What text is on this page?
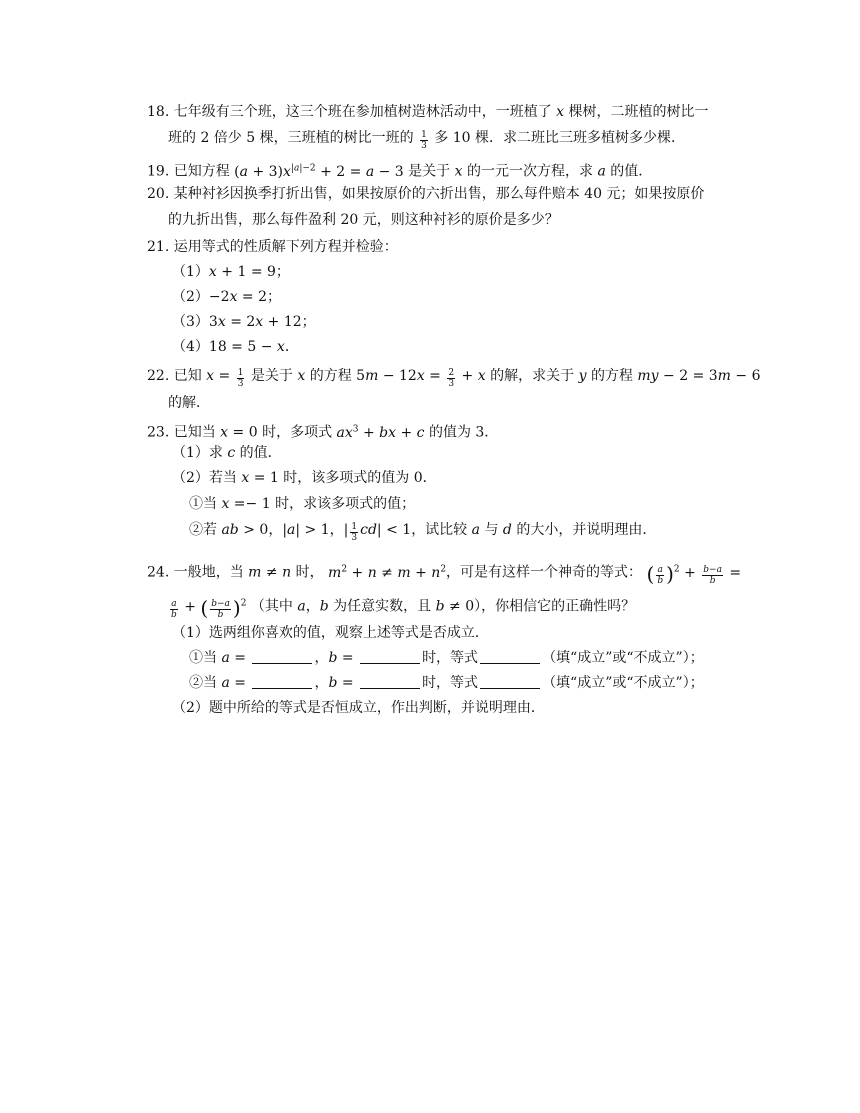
18. 七年级有三个班，这三个班在参加植树造林活动中，一班植了 x 棵树，二班植的树比一
班的 2 倍少 5 棵，三班植的树比一班的 $\frac{1}{3}$ 多 10 棵．求二班比三班多植树多少棵．
19. 已知方程 $(a + 3)x^{|a|-2} + 2 = a - 3$ 是关于 x 的一元一次方程，求 a 的值．
20. 某种衬衫因换季打折出售，如果按原价的六折出售，那么每件赔本 40 元；如果按原价
的九折出售，那么每件盈利 20 元，则这种衬衫的原价是多少？
21. 运用等式的性质解下列方程并检验：
（1）x + 1 = 9；
（2）−2x = 2；
（3）3x = 2x + 12；
（4）18 = 5 − x．
22. 已知 $x = \frac{1}{3}$ 是关于 x 的方程 $5m - 12x = \frac{2}{3} + x$ 的解，求关于 y 的方程 my − 2 = 3m − 6
的解．
23. 已知当 x = 0 时，多项式 $ax^3$ + bx + c 的值为 3．
（1）求 c 的值．
（2）若当 x = 1 时，该多项式的值为 0．
①当 x =− 1 时，求该多项式的值；
②若 ab > 0，|a| > 1，| $\frac{1}{3} cd| < 1$，试比较 a 与 d 的大小，并说明理由．
24. 一般地，当 m ≠ n 时， $m^2 + n \ne m + n^2$，可是有这样一个神奇的等式： ( $\frac{a}{b} )^2 + \frac{b-a}{b}$ =
$\frac{a}{b}$ + ( $\frac{b-a}{b} )^2$ （其中 a，b 为任意实数，且 b ≠ 0），你相信它的正确性吗？
（1）选两组你喜欢的值，观察上述等式是否成立．
①当 a =	，b =	时，等式	（填“成立”或“不成立”）；
②当 a =	，b =	时，等式	（填“成立”或“不成立”）；
（2）题中所给的等式是否恒成立，作出判断，并说明理由．
